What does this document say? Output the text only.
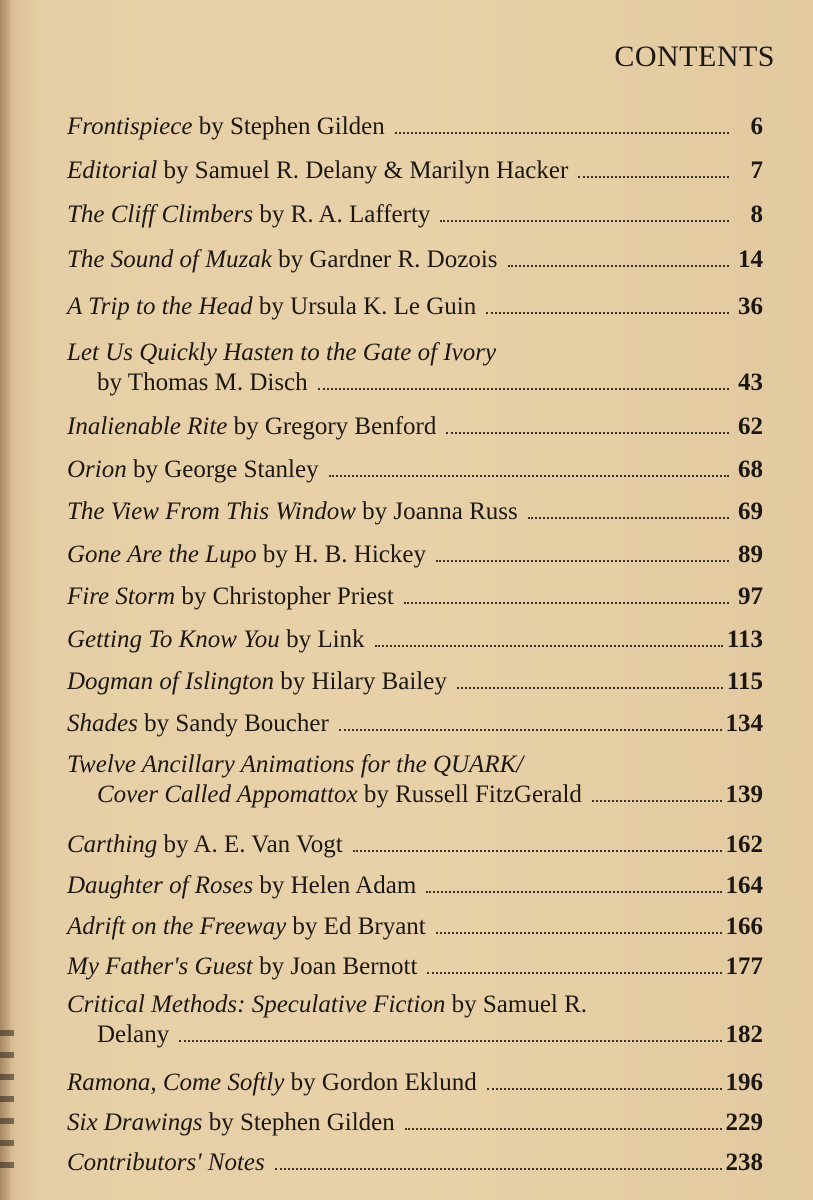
CONTENTS
Frontispiece
by Stephen Gilden	6
Editorial
by Samuel R. Delany & Marilyn Hacker	7
The Cliff Climbers
by R. A. Lafferty	8
The Sound of Muzak
by Gardner R. Dozois	14
A Trip to the Head
by Ursula K. Le Guin	36
Let Us Quickly Hasten to the Gate of Ivory
by Thomas M. Disch	43
Inalienable Rite
by Gregory Benford	62
Orion
by George Stanley	68
The View From This Window
by Joanna Russ	69
Gone Are the Lupo
by H. B. Hickey	89
Fire Storm
by Christopher Priest	97
Getting To Know You
by Link	113
Dogman of Islington
by Hilary Bailey	115
Shades
by Sandy Boucher	134
Twelve Ancillary Animations for the QUARK/
Cover Called Appomattox
by Russell FitzGerald	139
Carthing
by A. E. Van Vogt	162
Daughter of Roses
by Helen Adam	164
Adrift on the Freeway
by Ed Bryant	166
My Father's Guest
by Joan Bernott	177
Critical Methods: Speculative Fiction
by Samuel R.
Delany	182
Ramona, Come Softly
by Gordon Eklund	196
Six Drawings
by Stephen Gilden	229
Contributors' Notes	238
